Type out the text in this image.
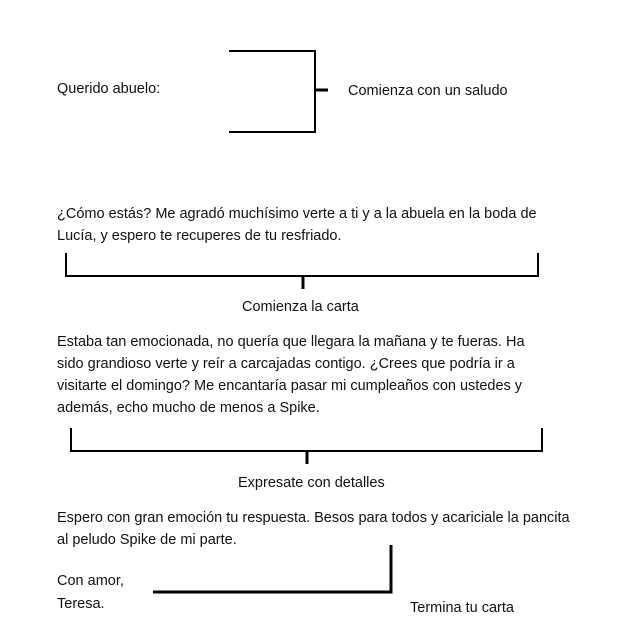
Querido abuelo:
¿Cómo estás? Me agradó muchísimo verte a ti y a la abuela en la boda de
Lucía, y espero te recuperes de tu resfriado.
Estaba tan emocionada, no quería que llegara la mañana y te fueras. Ha
sido grandioso verte y reír a carcajadas contigo. ¿Crees que podría ir a
visitarte el domingo? Me encantaría pasar mi cumpleaños con ustedes y
además, echo mucho de menos a Spike.
Espero con gran emoción tu respuesta. Besos para todos y acariciale la pancita
al peludo Spike de mi parte.
Con amor,
Teresa.
Comienza con un saludo
Comienza la carta
Expresate con detalles
Termina tu carta
